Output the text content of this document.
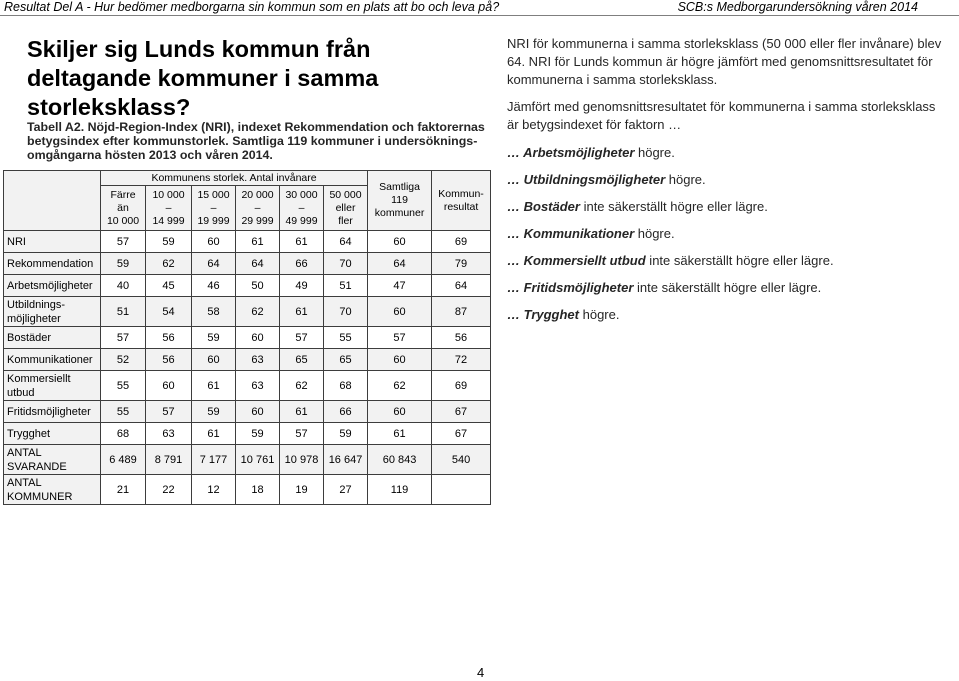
Resultat Del A - Hur bedömer medborgarna sin kommun som en plats att bo och leva på?	SCB:s Medborgarundersökning våren 2014
Skiljer sig Lunds kommun från deltagande kommuner i samma storleksklass?
Tabell A2. Nöjd-Region-Index (NRI), indexet Rekommendation och faktorernas betygsindex efter kommunstorlek. Samtliga 119 kommuner i undersöknings- omgångarna hösten 2013 och våren 2014.
	Kommunens storlek. Antal invånare						Samtliga
119
kommuner	Kommun-
resultat
	Färre
än
10 000	10 000
–
14 999	15 000
–
19 999	20 000
–
29 999	30 000
–
49 999	50 000
eller
fler		
NRI	57	59	60	61	61	64	60	69
Rekommendation	59	62	64	64	66	70	64	79
Arbetsmöjligheter	40	45	46	50	49	51	47	64
Utbildnings-
möjligheter	51	54	58	62	61	70	60	87
Bostäder	57	56	59	60	57	55	57	56
Kommunikationer	52	56	60	63	65	65	60	72
Kommersiellt
utbud	55	60	61	63	62	68	62	69
Fritidsmöjligheter	55	57	59	60	61	66	60	67
Trygghet	68	63	61	59	57	59	61	67
ANTAL
SVARANDE	6 489	8 791	7 177	10 761	10 978	16 647	60 843	540
ANTAL
KOMMUNER	21	22	12	18	19	27	119	

NRI för kommunerna i samma storleksklass (50 000 eller fler invånare) blev 64. NRI för Lunds kommun är högre jämfört med genomsnittsresultatet för kommunerna i samma storleksklass.

Jämfört med genomsnittsresultatet för kommunerna i samma storleksklass är betygsindexet för faktorn …

… Arbetsmöjligheter högre.
… Utbildningsmöjligheter högre.
… Bostäder inte säkerställt högre eller lägre.
… Kommunikationer högre.
… Kommersiellt utbud inte säkerställt högre eller lägre.
… Fritidsmöjligheter inte säkerställt högre eller lägre.
… Trygghet högre.
4
